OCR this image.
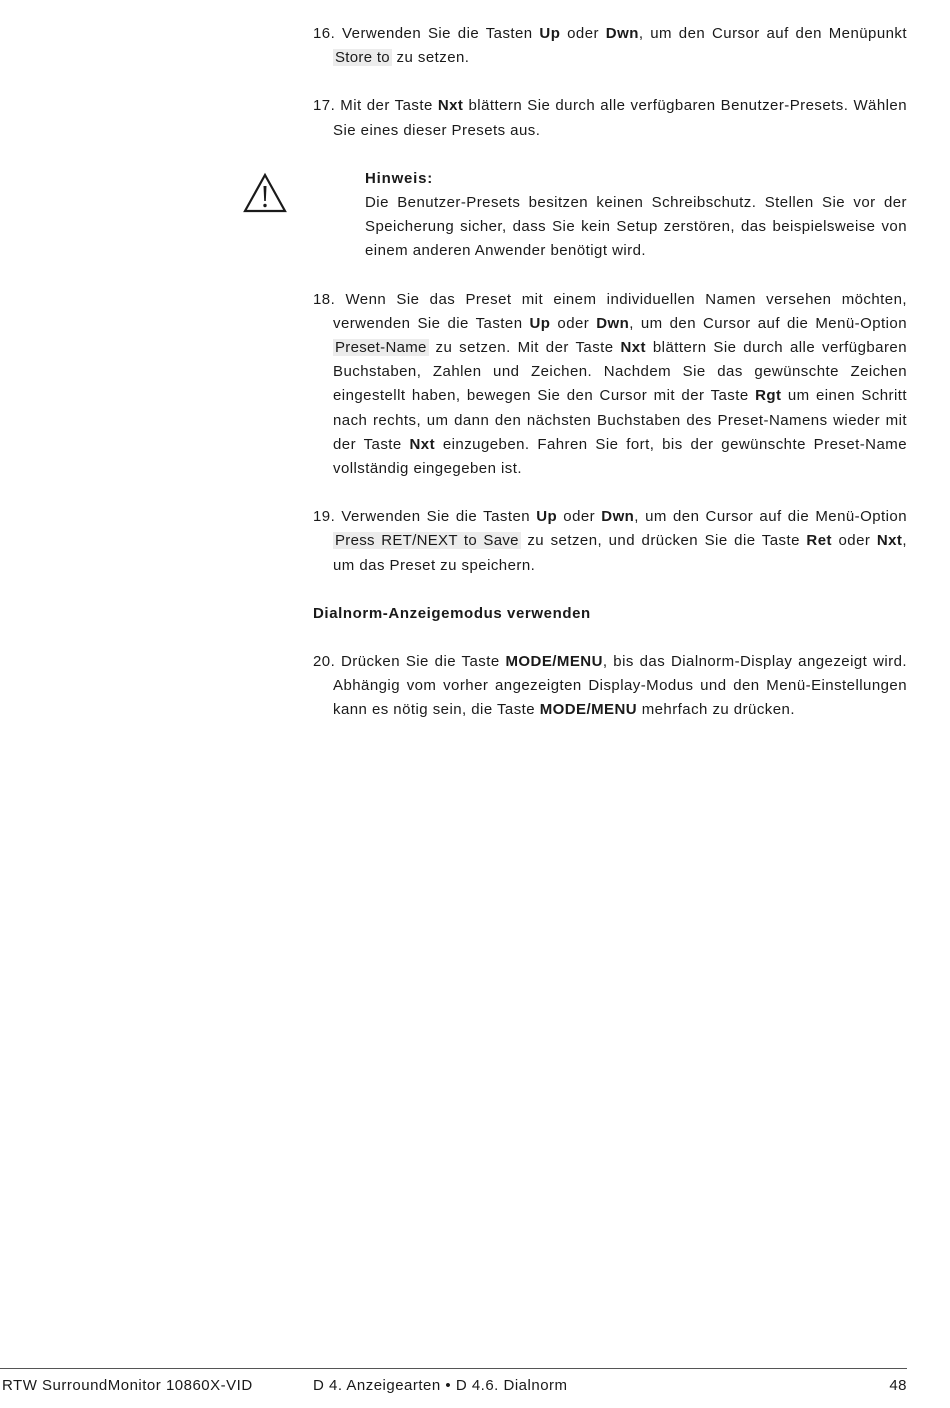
16. Verwenden Sie die Tasten Up oder Dwn, um den Cursor auf den Menüpunkt Store to zu setzen.

17. Mit der Taste Nxt blättern Sie durch alle verfügbaren Benutzer-Presets. Wählen Sie eines dieser Presets aus.

Hinweis:
Die Benutzer-Presets besitzen keinen Schreibschutz. Stellen Sie vor der Speicherung sicher, dass Sie kein Setup zerstören, das beispielsweise von einem anderen Anwender benötigt wird.

18. Wenn Sie das Preset mit einem individuellen Namen versehen möchten, verwenden Sie die Tasten Up oder Dwn, um den Cursor auf die Menü-Option Preset-Name zu setzen. Mit der Taste Nxt blättern Sie durch alle verfügbaren Buchstaben, Zahlen und Zeichen. Nachdem Sie das gewünschte Zeichen eingestellt haben, bewegen Sie den Cursor mit der Taste Rgt um einen Schritt nach rechts, um dann den nächsten Buchstaben des Preset-Namens wieder mit der Taste Nxt einzugeben. Fahren Sie fort, bis der gewünschte Preset-Name vollständig eingegeben ist.

19. Verwenden Sie die Tasten Up oder Dwn, um den Cursor auf die Menü-Option Press RET/NEXT to Save zu setzen, und drücken Sie die Taste Ret oder Nxt, um das Preset zu speichern.

Dialnorm-Anzeigemodus verwenden

20. Drücken Sie die Taste MODE/MENU, bis das Dialnorm-Display angezeigt wird. Abhängig vom vorher angezeigten Display-Modus und den Menü-Einstellungen kann es nötig sein, die Taste MODE/MENU mehrfach zu drücken.

RTW SurroundMonitor 10860X-VID	D 4. Anzeigearten • D 4.6. Dialnorm	48
